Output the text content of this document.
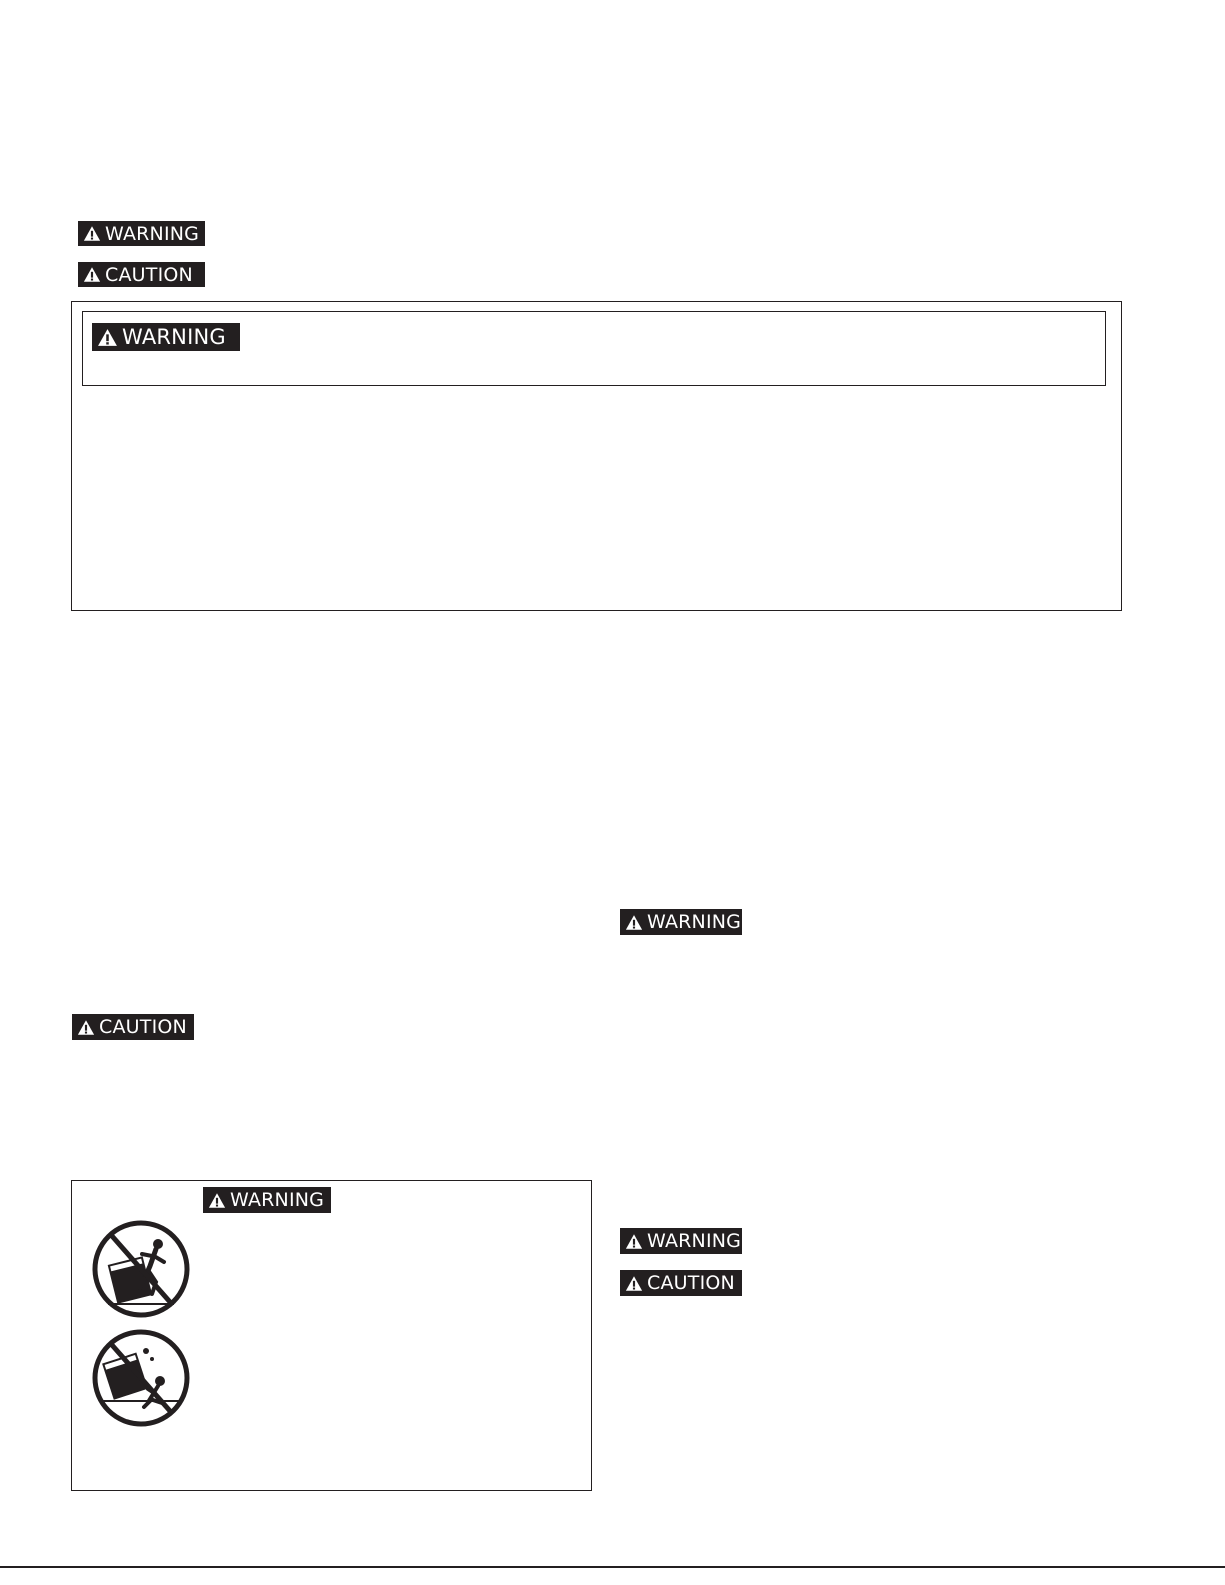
WARNING
CAUTION
WARNING
WARNING
CAUTION
WARNING
WARNING
CAUTION
